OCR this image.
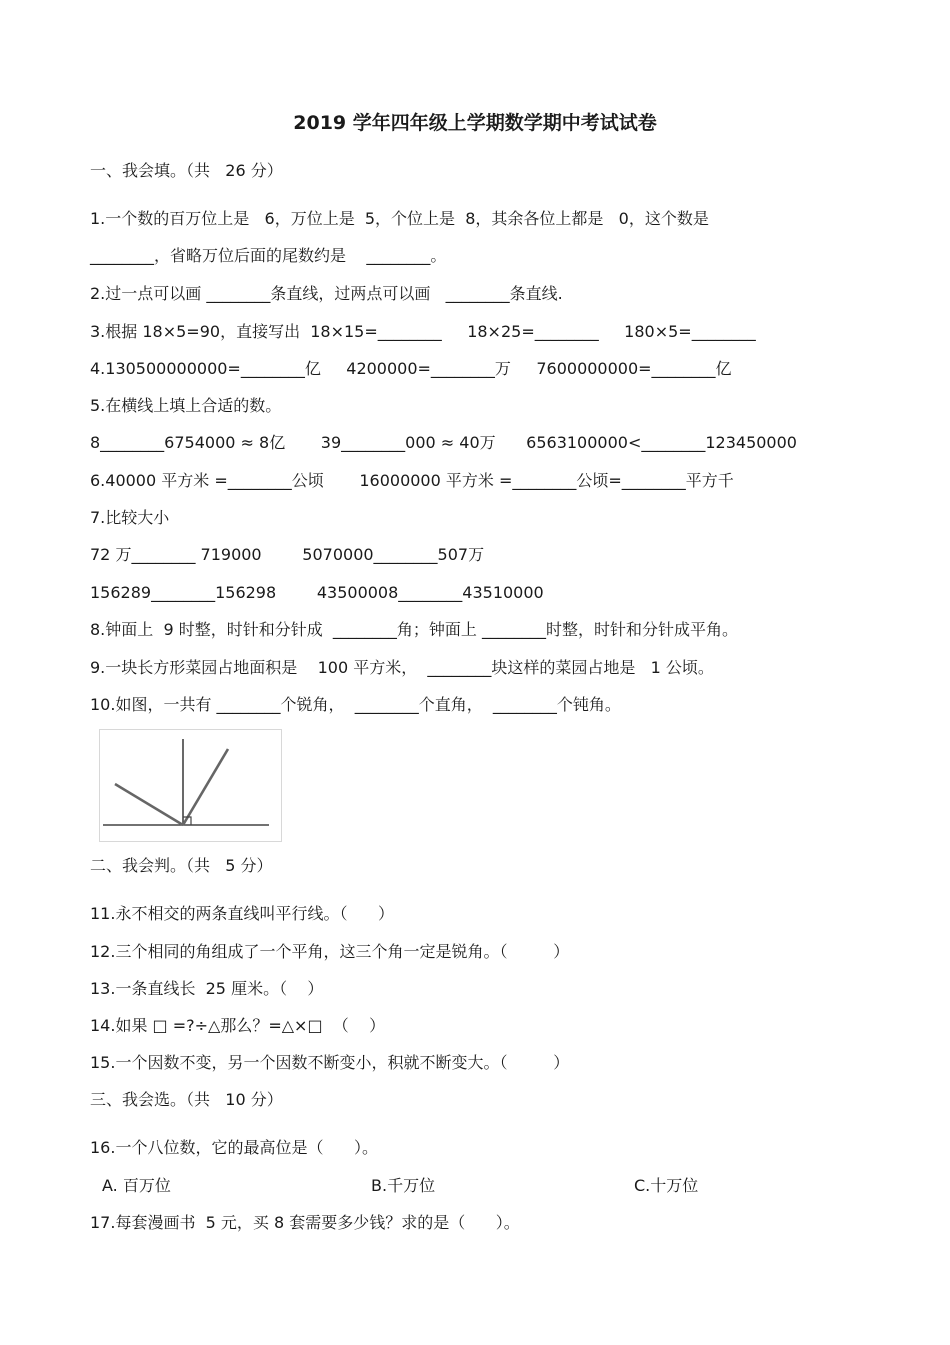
2019 学年四年级上学期数学期中考试试卷
一、我会填。（共   26 分）
1.一个数的百万位上是   6，万位上是  5，个位上是  8，其余各位上都是   0，这个数是
________，省略万位后面的尾数约是    ________。
2.过一点可以画 ________条直线，过两点可以画   ________条直线.
3.根据 18×5=90，直接写出  18×15=________     18×25=________     180×5=________
4.130500000000=________亿     4200000=________万     7600000000=________亿
5.在横线上填上合适的数。
8________6754000 ≈ 8亿       39________000 ≈ 40万      6563100000<________123450000
6.40000 平方米 =________公顷       16000000 平方米 =________公顷=________平方千
7.比较大小
72 万________ 719000        5070000________507万
156289________156298        43500008________43510000
8.钟面上  9 时整，时针和分针成  ________角；钟面上 ________时整，时针和分针成平角。
9.一块长方形菜园占地面积是    100 平方米，  ________块这样的菜园占地是   1 公顷。
10.如图，一共有 ________个锐角，  ________个直角，  ________个钝角。
二、我会判。（共   5 分）
11.永不相交的两条直线叫平行线。（      ）
12.三个相同的角组成了一个平角，这三个角一定是锐角。（         ）
13.一条直线长  25 厘米。（    ）
14.如果 □ =?÷△那么？=△×□  （    ）
15.一个因数不变，另一个因数不断变小，积就不断变大。（         ）
三、我会选。（共   10 分）
16.一个八位数，它的最高位是（      ）。
A. 百万位	B.千万位	C.十万位
17.每套漫画书  5 元，买 8 套需要多少钱？求的是（      ）。
